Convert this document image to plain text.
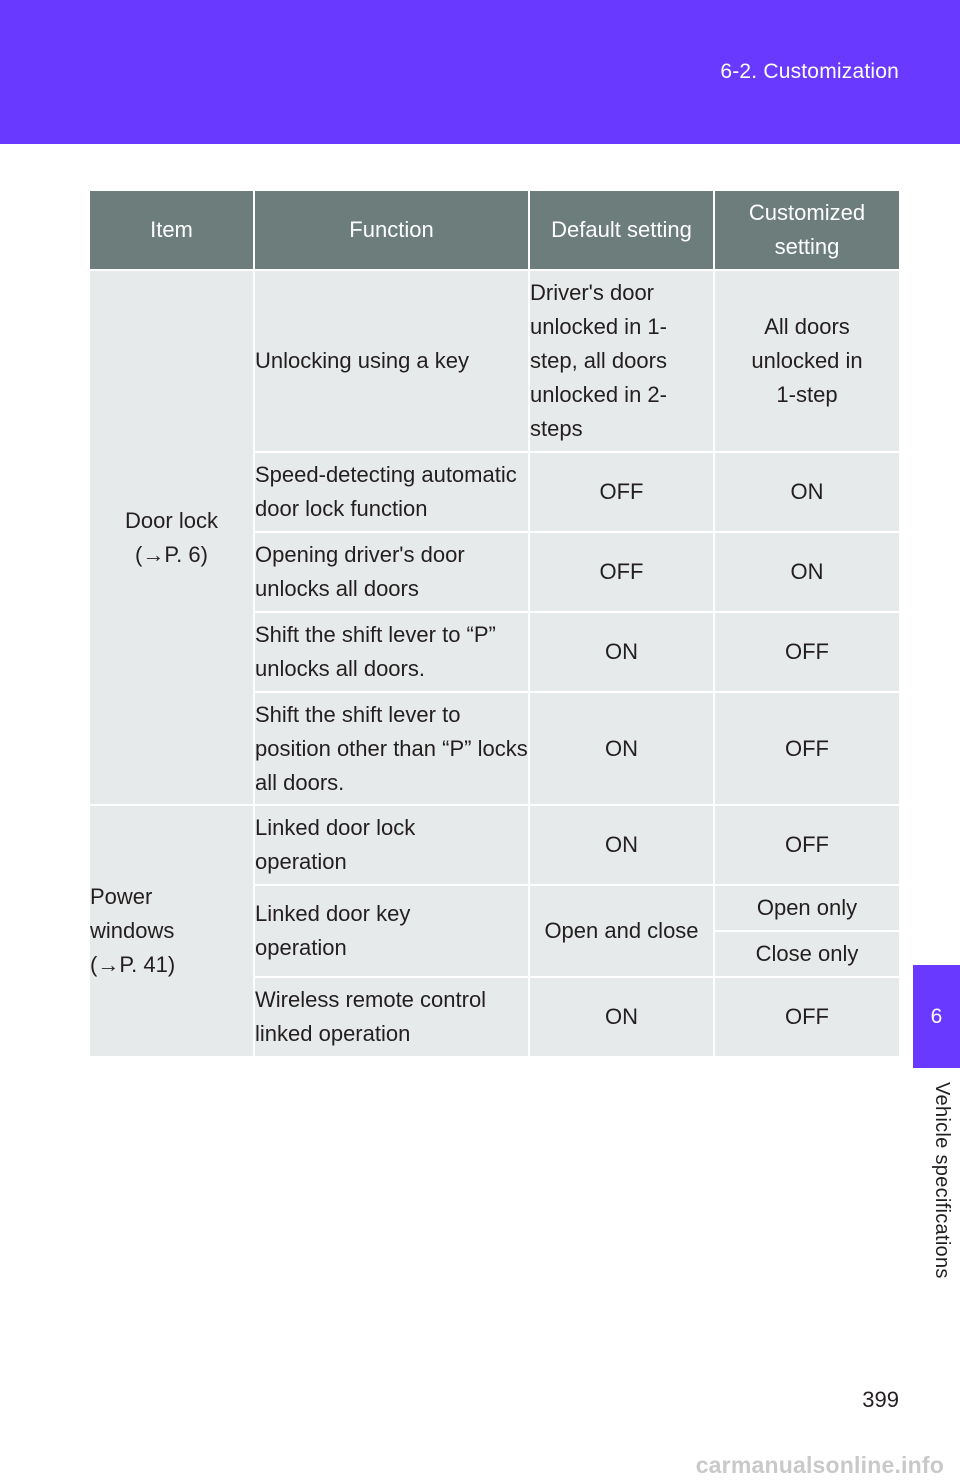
6-2. Customization
Item	Function	Default setting	Customized setting

Door lock
(→P. 6)	Unlocking using a key	Driver's door unlocked in 1-step, all doors unlocked in 2-steps	All doors unlocked in 1-step
	Speed-detecting automatic door lock function	OFF	ON
	Opening driver's door unlocks all doors	OFF	ON
	Shift the shift lever to “P” unlocks all doors.	ON	OFF
	Shift the shift lever to position other than “P” locks all doors.	ON	OFF

Power windows
(→P. 41)	Linked door lock operation	ON	OFF
	Linked door key operation	Open and close	Open only
			Close only
	Wireless remote control linked operation	ON	OFF	6
Vehicle specifications
399
carmanualsonline.info
